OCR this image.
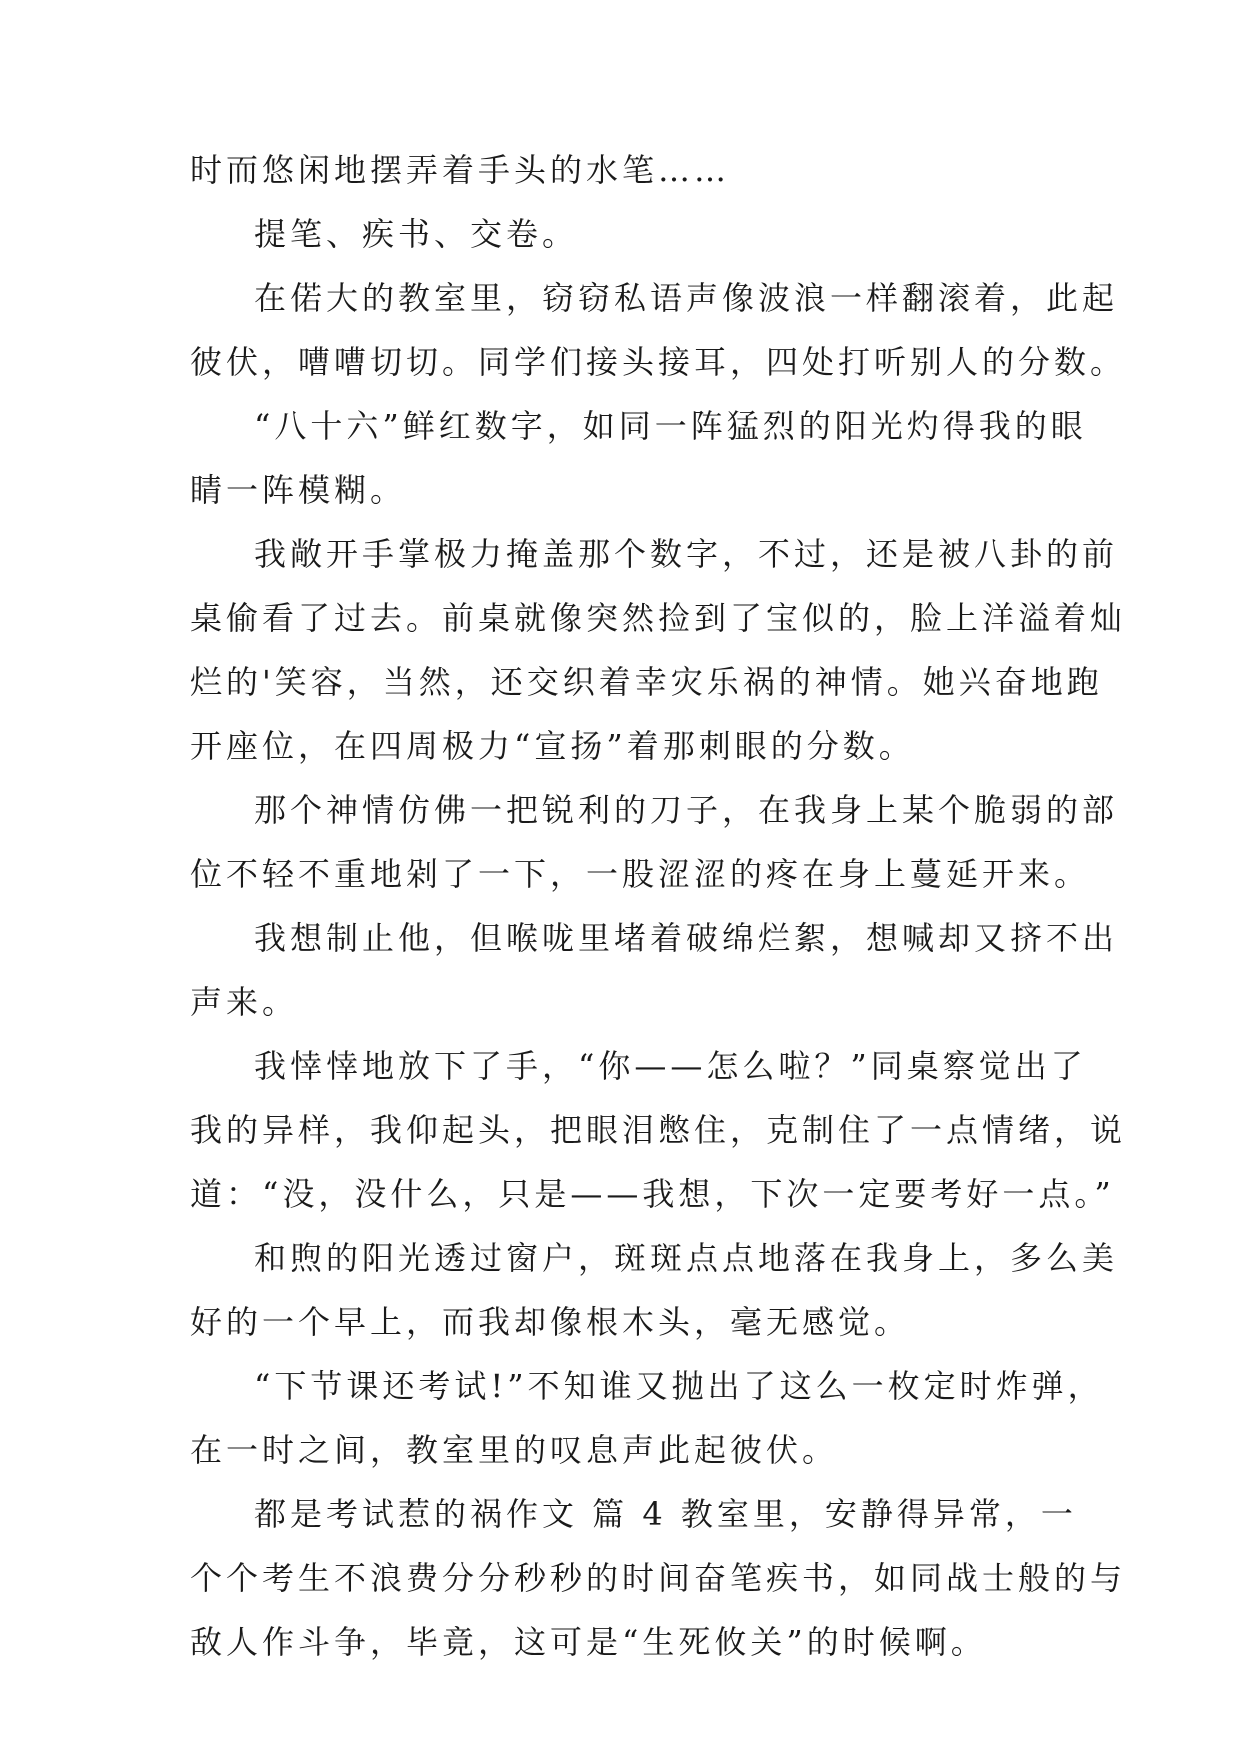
时而悠闲地摆弄着手头的水笔……
提笔、疾书、交卷。
在偌大的教室里，窃窃私语声像波浪一样翻滚着，此起
彼伏，嘈嘈切切。同学们接头接耳，四处打听别人的分数。
“八十六”鲜红数字，如同一阵猛烈的阳光灼得我的眼
睛一阵模糊。
我敞开手掌极力掩盖那个数字，不过，还是被八卦的前
桌偷看了过去。前桌就像突然捡到了宝似的，脸上洋溢着灿
烂的'笑容，当然，还交织着幸灾乐祸的神情。她兴奋地跑
开座位，在四周极力“宣扬”着那刺眼的分数。
那个神情仿佛一把锐利的刀子，在我身上某个脆弱的部
位不轻不重地剁了一下，一股涩涩的疼在身上蔓延开来。
我想制止他，但喉咙里堵着破绵烂絮，想喊却又挤不出
声来。
我悻悻地放下了手，“你——怎么啦？”同桌察觉出了
我的异样，我仰起头，把眼泪憋住，克制住了一点情绪，说
道：“没，没什么，只是——我想，下次一定要考好一点。”
和煦的阳光透过窗户，斑斑点点地落在我身上，多么美
好的一个早上，而我却像根木头，毫无感觉。
“下节课还考试!”不知谁又抛出了这么一枚定时炸弹，
在一时之间，教室里的叹息声此起彼伏。
都是考试惹的祸作文 篇 4 教室里，安静得异常，一
个个考生不浪费分分秒秒的时间奋笔疾书，如同战士般的与
敌人作斗争，毕竟，这可是“生死攸关”的时候啊。
